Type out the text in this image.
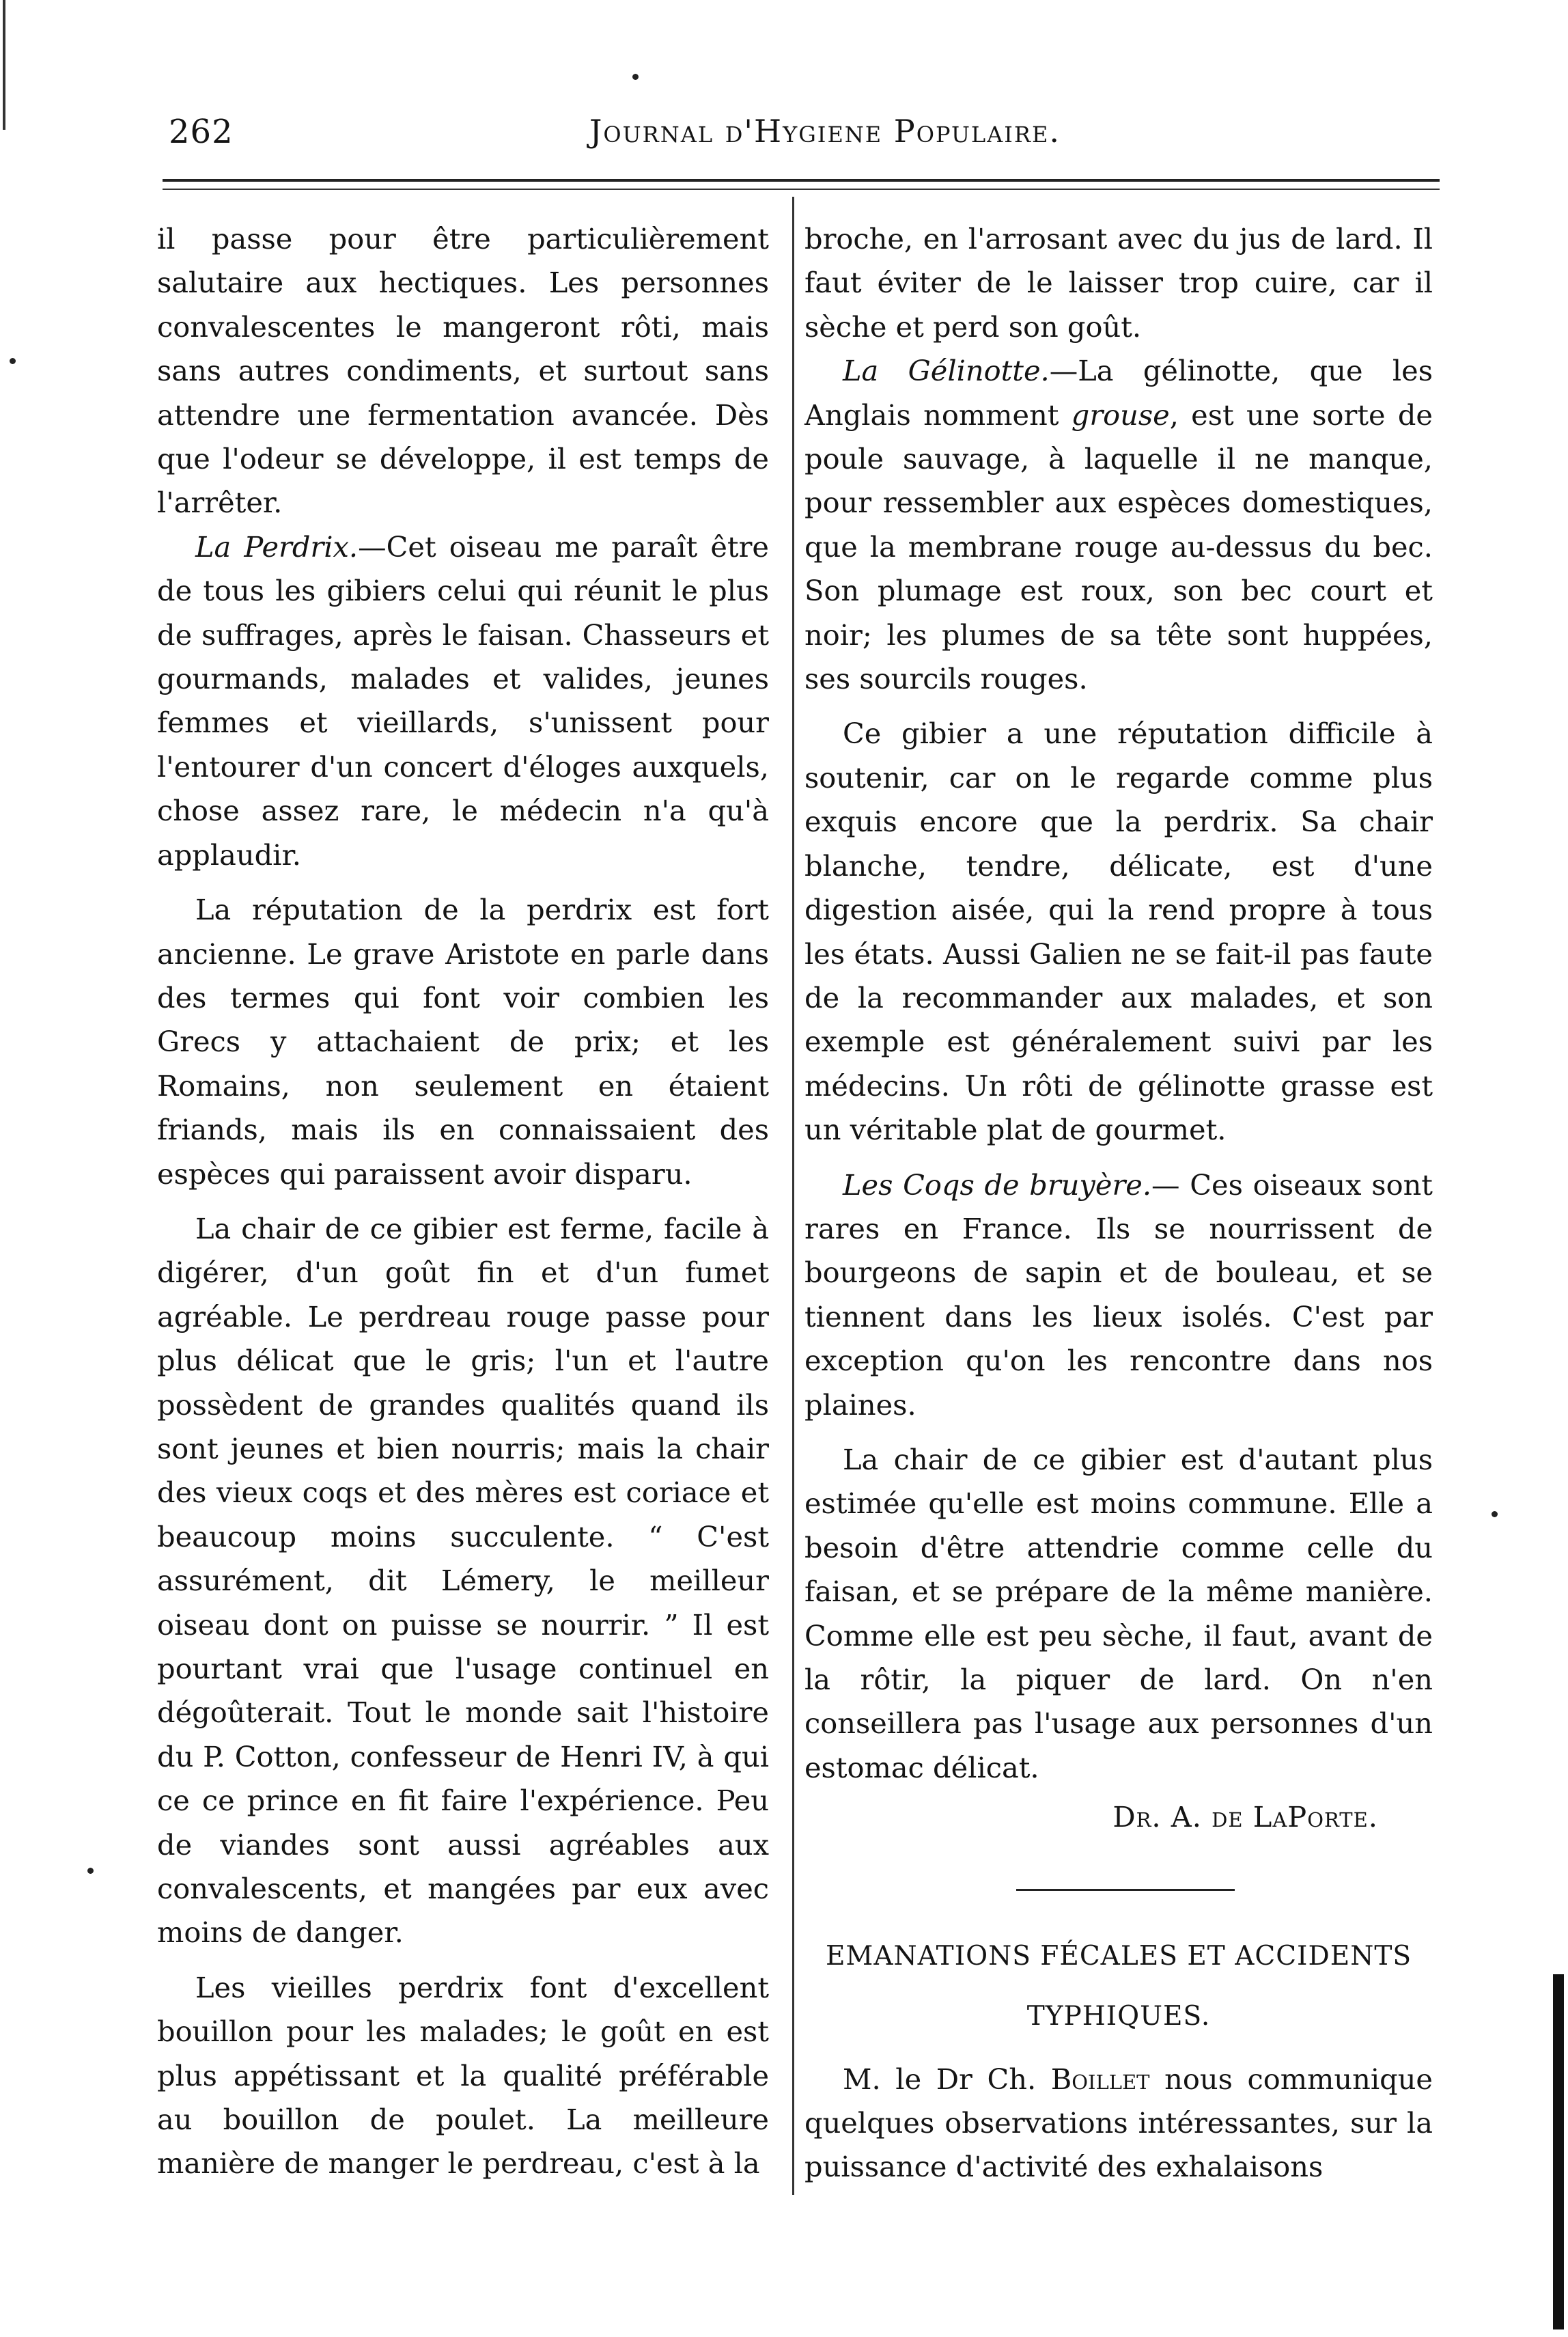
262	Journal d'Hygiene Populaire.

il passe pour être particulièrement salutaire aux hectiques. Les personnes convalescentes le mangeront rôti, mais sans autres condiments, et surtout sans attendre une fermentation avancée. Dès que l'odeur se développe, il est temps de l'arrêter.

La Perdrix.—Cet oiseau me paraît être de tous les gibiers celui qui réunit le plus de suffrages, après le faisan. Chasseurs et gourmands, malades et valides, jeunes femmes et vieillards, s'unissent pour l'entourer d'un concert d'éloges auxquels, chose assez rare, le médecin n'a qu'à applaudir.

La réputation de la perdrix est fort ancienne. Le grave Aristote en parle dans des termes qui font voir combien les Grecs y attachaient de prix; et les Romains, non seulement en étaient friands, mais ils en connaissaient des espèces qui paraissent avoir disparu.

La chair de ce gibier est ferme, facile à digérer, d'un goût fin et d'un fumet agréable. Le perdreau rouge passe pour plus délicat que le gris; l'un et l'autre possèdent de grandes qualités quand ils sont jeunes et bien nourris; mais la chair des vieux coqs et des mères est coriace et beaucoup moins succulente. “ C'est assurément, dit Lémery, le meilleur oiseau dont on puisse se nourrir. ” Il est pourtant vrai que l'usage continuel en dégoûterait. Tout le monde sait l'histoire du P. Cotton, confesseur de Henri IV, à qui ce ce prince en fit faire l'expérience. Peu de viandes sont aussi agréables aux convalescents, et mangées par eux avec moins de danger.

Les vieilles perdrix font d'excellent bouillon pour les malades; le goût en est plus appétissant et la qualité préférable au bouillon de poulet. La meilleure manière de manger le perdreau, c'est à la

broche, en l'arrosant avec du jus de lard. Il faut éviter de le laisser trop cuire, car il sèche et perd son goût.

La Gélinotte.—La gélinotte, que les Anglais nomment grouse, est une sorte de poule sauvage, à laquelle il ne manque, pour ressembler aux espèces domestiques, que la membrane rouge au-dessus du bec. Son plumage est roux, son bec court et noir; les plumes de sa tête sont huppées, ses sourcils rouges.

Ce gibier a une réputation difficile à soutenir, car on le regarde comme plus exquis encore que la perdrix. Sa chair blanche, tendre, délicate, est d'une digestion aisée, qui la rend propre à tous les états. Aussi Galien ne se fait-il pas faute de la recommander aux malades, et son exemple est généralement suivi par les médecins. Un rôti de gélinotte grasse est un véritable plat de gourmet.

Les Coqs de bruyère.— Ces oiseaux sont rares en France. Ils se nourrissent de bourgeons de sapin et de bouleau, et se tiennent dans les lieux isolés. C'est par exception qu'on les rencontre dans nos plaines.

La chair de ce gibier est d'autant plus estimée qu'elle est moins commune. Elle a besoin d'être attendrie comme celle du faisan, et se prépare de la même manière. Comme elle est peu sèche, il faut, avant de la rôtir, la piquer de lard. On n'en conseillera pas l'usage aux personnes d'un estomac délicat.

Dr. A. de LaPorte.
EMANATIONS FÉCALES ET ACCIDENTS
TYPHIQUES.

M. le Dr Ch. Boillet nous communique quelques observations intéressantes, sur la puissance d'activité des exhalaisons
